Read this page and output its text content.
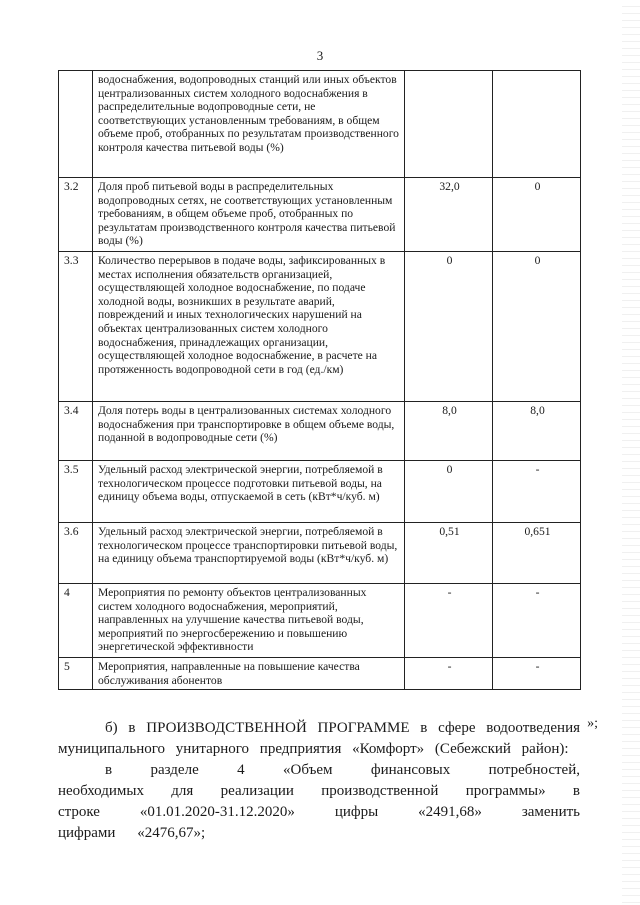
3
	водоснабжения, водопроводных станций или иных объектов централизованных систем холодного водоснабжения в распределительные водопроводные сети, не соответствующих установленным требованиям, в общем объеме проб, отобранных по результатам производственного контроля качества питьевой воды (%)		
3.2	Доля проб питьевой воды в распределительных водопроводных сетях, не соответствующих установленным требованиям, в общем объеме проб, отобранных по результатам производственного контроля качества питьевой воды (%)	32,0	0
3.3	Количество перерывов в подаче воды, зафиксированных в местах исполнения обязательств организацией, осуществляющей холодное водоснабжение, по подаче холодной воды, возникших в результате аварий, повреждений и иных технологических нарушений на объектах централизованных систем холодного водоснабжения, принадлежащих организации, осуществляющей холодное водоснабжение, в расчете на протяженность водопроводной сети в год (ед./км)	0	0
3.4	Доля потерь воды в централизованных системах холодного водоснабжения при транспортировке в общем объеме воды, поданной в водопроводные сети (%)	8,0	8,0
3.5	Удельный расход электрической энергии, потребляемой в технологическом процессе подготовки питьевой воды, на единицу объема воды, отпускаемой в сеть (кВт*ч/куб. м)	0	-
3.6	Удельный расход электрической энергии, потребляемой в технологическом процессе транспортировки питьевой воды, на единицу объема транспортируемой воды (кВт*ч/куб. м)	0,51	0,651
4	Мероприятия по ремонту объектов централизованных систем холодного водоснабжения, мероприятий, направленных на улучшение качества питьевой воды, мероприятий по энергосбережению и повышению энергетической эффективности	-	-
5	Мероприятия, направленные на повышение качества обслуживания абонентов	-	-
»;
б) в ПРОИЗВОДСТВЕННОЙ ПРОГРАММЕ в сфере водоотведения муниципального унитарного предприятия «Комфорт» (Себежский район):
в разделе 4 «Объем финансовых потребностей, необходимых для реализации производственной программы» в строке «01.01.2020-31.12.2020» цифры «2491,68» заменить цифрами «2476,67»;
